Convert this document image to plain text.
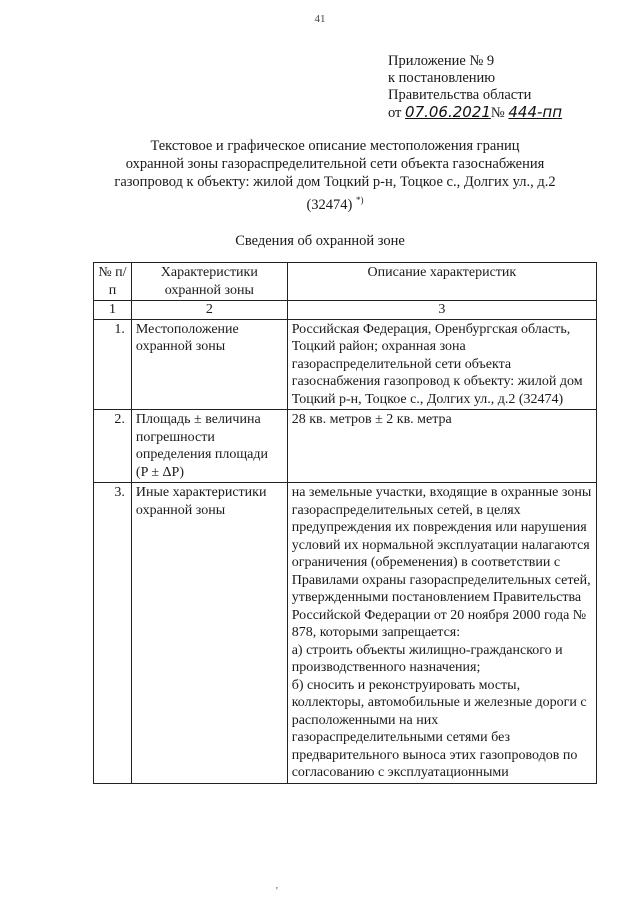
41
Приложение № 9
к постановлению
Правительства области
от 07.06.2021№ 444-пп
Текстовое и графическое описание местоположения границ
охранной зоны газораспределительной сети объекта газоснабжения
газопровод к объекту: жилой дом Тоцкий р-н, Тоцкое с., Долгих ул., д.2
(32474) *)
Сведения об охранной зоне
№ п/п	Характеристики охранной зоны	Описание характеристик
1	2	3
1.	Местоположение охранной зоны	Российская Федерация, Оренбургская область, Тоцкий район; охранная зона газораспределительной сети объекта газоснабжения газопровод к объекту: жилой дом Тоцкий р-н, Тоцкое с., Долгих ул., д.2 (32474)
2.	Площадь ± величина погрешности определения площади (P ± ΔP)	28 кв. метров ± 2 кв. метра
3.	Иные характеристики охранной зоны	на земельные участки, входящие в охранные зоны газораспределительных сетей, в целях предупреждения их повреждения или нарушения условий их нормальной эксплуатации налагаются ограничения (обременения) в соответствии с Правилами охраны газораспределительных сетей, утвержденными постановлением Правительства Российской Федерации от 20 ноября 2000 года № 878, которыми запрещается:
а) строить объекты жилищно-гражданского и производственного назначения;
б) сносить и реконструировать мосты, коллекторы, автомобильные и железные дороги с расположенными на них газораспределительными сетями без предварительного выноса этих газопроводов по согласованию с эксплуатационными
'
